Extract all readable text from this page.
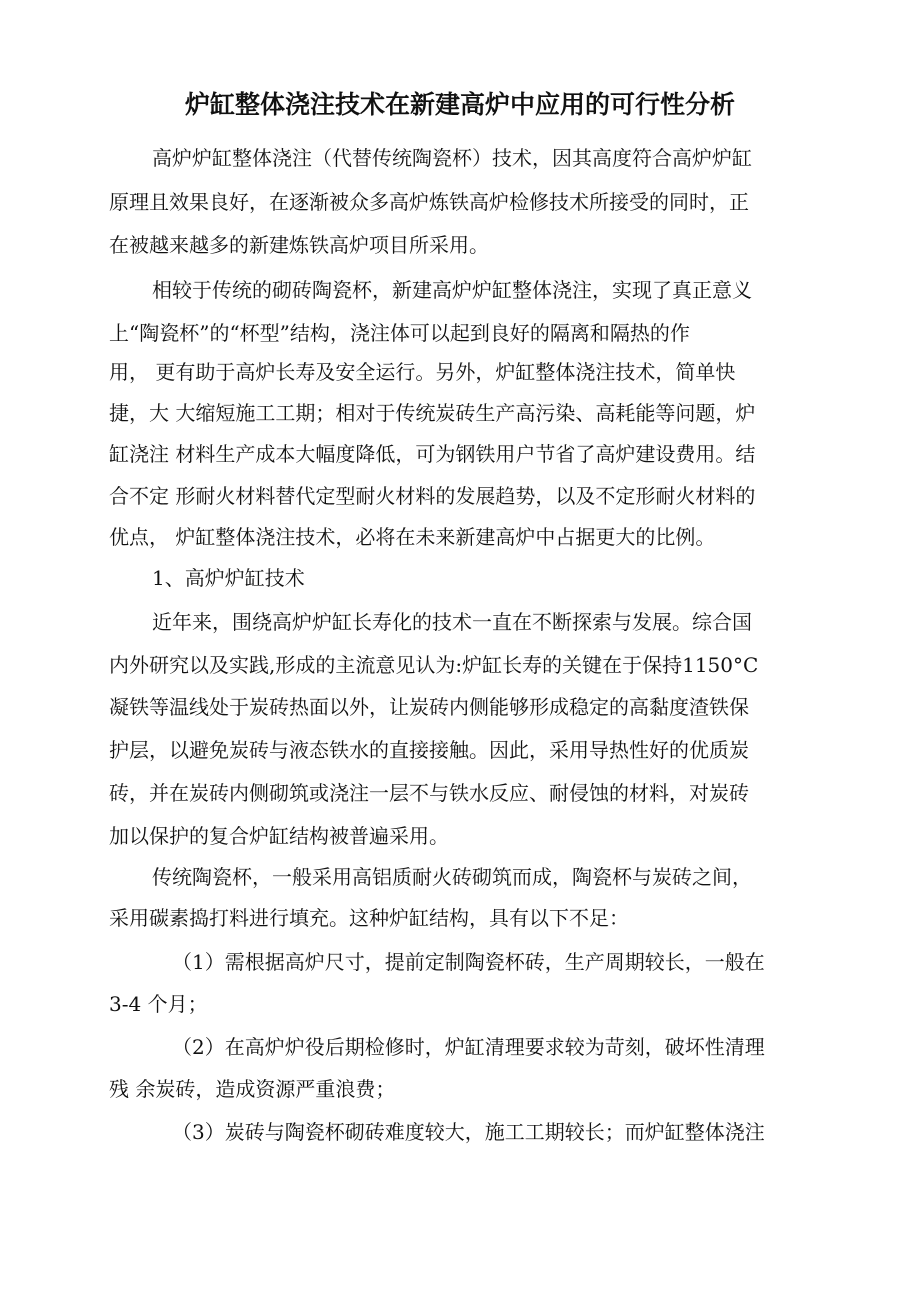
炉缸整体浇注技术在新建高炉中应用的可行性分析

高炉炉缸整体浇注（代替传统陶瓷杯）技术，因其高度符合高炉炉缸

原理且效果良好，在逐渐被众多高炉炼铁高炉检修技术所接受的同时，正

在被越来越多的新建炼铁高炉项目所采用。

相较于传统的砌砖陶瓷杯，新建高炉炉缸整体浇注，实现了真正意义

上“陶瓷杯”的“杯型”结构，浇注体可以起到良好的隔离和隔热的作

用， 更有助于高炉长寿及安全运行。另外，炉缸整体浇注技术，简单快

捷，大 大缩短施工工期；相对于传统炭砖生产高污染、高耗能等问题，炉

缸浇注 材料生产成本大幅度降低，可为钢铁用户节省了高炉建设费用。结

合不定 形耐火材料替代定型耐火材料的发展趋势，以及不定形耐火材料的

优点， 炉缸整体浇注技术，必将在未来新建高炉中占据更大的比例。

1、高炉炉缸技术

近年来，围绕高炉炉缸长寿化的技术一直在不断探索与发展。综合国

内外研究以及实践,形成的主流意见认为:炉缸长寿的关键在于保持1150°C

凝铁等温线处于炭砖热面以外，让炭砖内侧能够形成稳定的高黏度渣铁保

护层，以避免炭砖与液态铁水的直接接触。因此，采用导热性好的优质炭

砖，并在炭砖内侧砌筑或浇注一层不与铁水反应、耐侵蚀的材料，对炭砖

加以保护的复合炉缸结构被普遍采用。

传统陶瓷杯，一般采用高铝质耐火砖砌筑而成，陶瓷杯与炭砖之间，

采用碳素捣打料进行填充。这种炉缸结构，具有以下不足：

（1）需根据高炉尺寸，提前定制陶瓷杯砖，生产周期较长，一般在

3-4 个月；

（2）在高炉炉役后期检修时，炉缸清理要求较为苛刻，破坏性清理

残 余炭砖，造成资源严重浪费；

（3）炭砖与陶瓷杯砌砖难度较大，施工工期较长；而炉缸整体浇注
